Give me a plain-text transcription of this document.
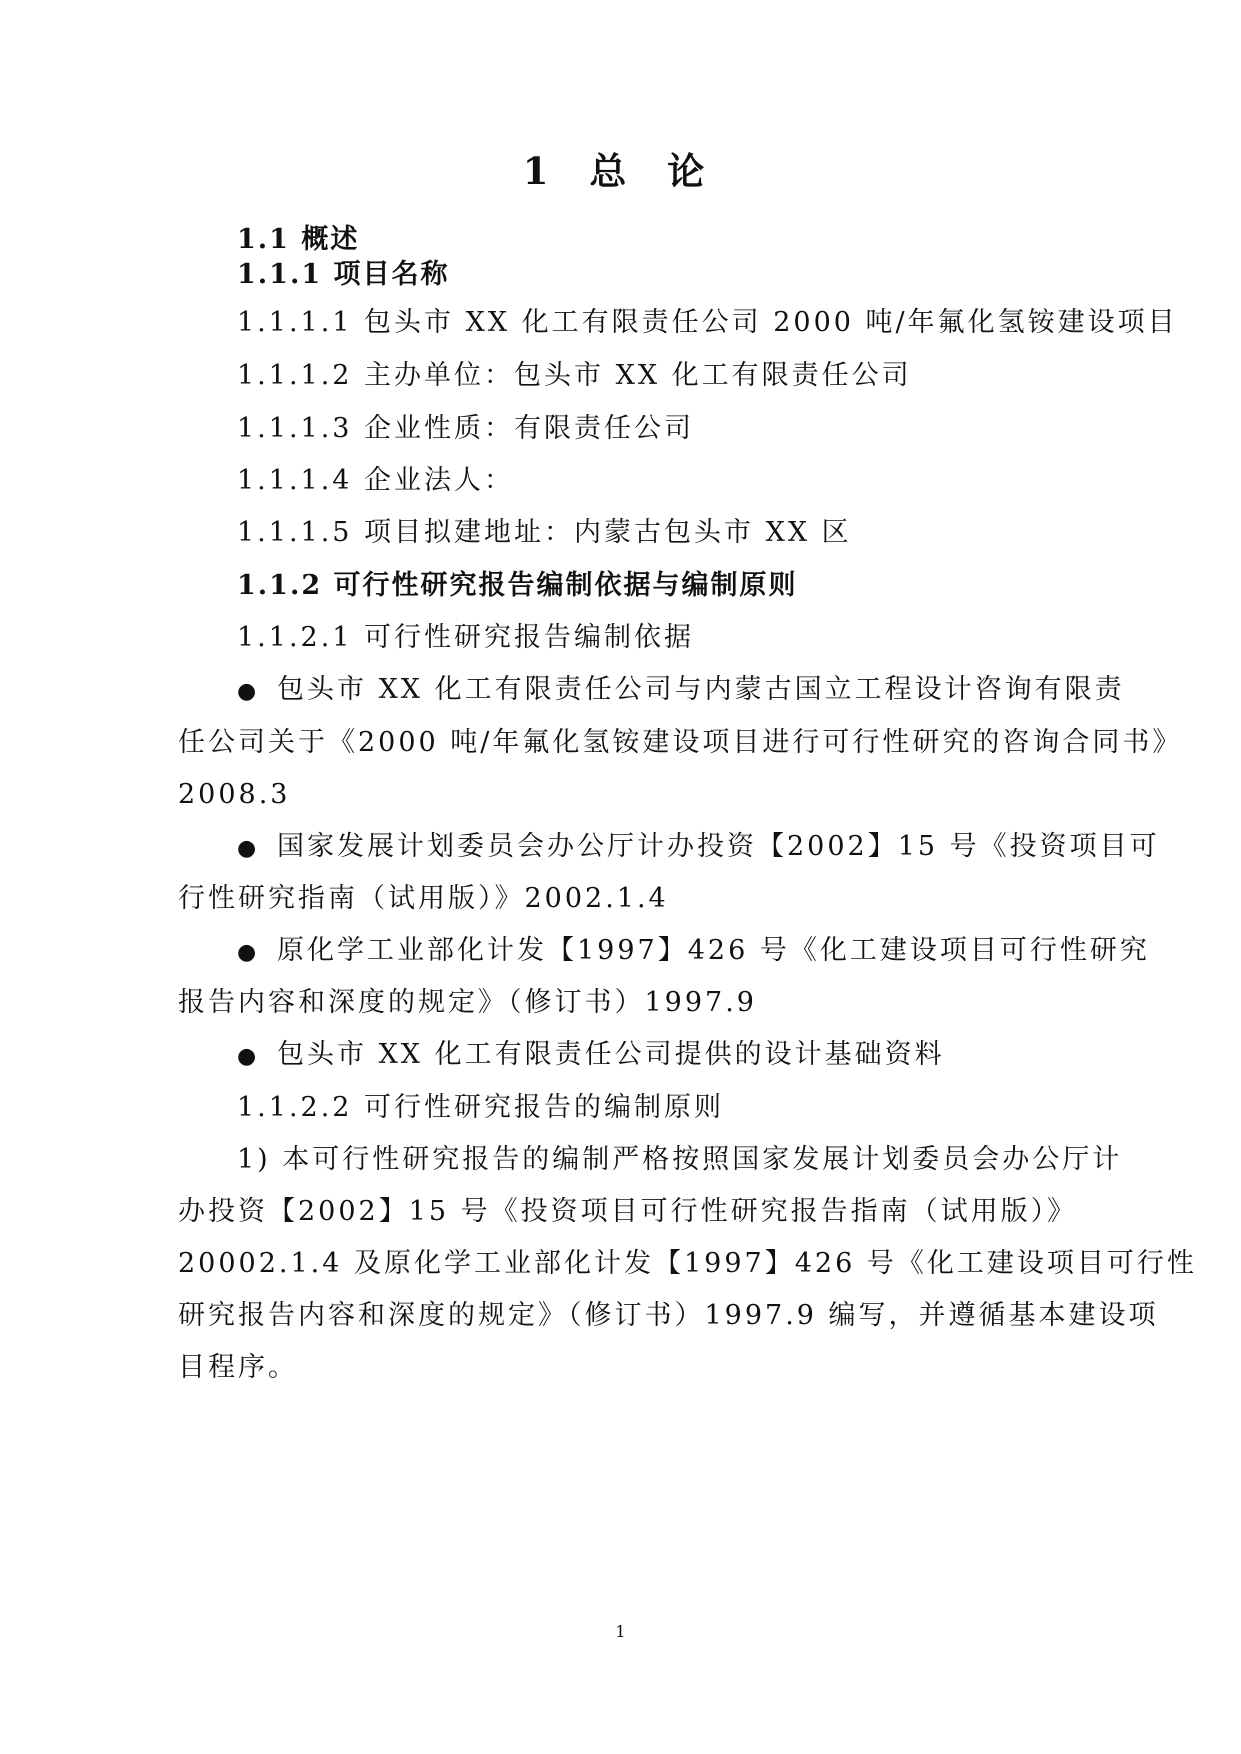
1 总 论
1.1 概述
1.1.1 项目名称
1.1.1.1 包头市 XX 化工有限责任公司 2000 吨/年氟化氢铵建设项目
1.1.1.2 主办单位：包头市 XX 化工有限责任公司
1.1.1.3 企业性质：有限责任公司
1.1.1.4 企业法人：
1.1.1.5 项目拟建地址：内蒙古包头市 XX 区
1.1.2 可行性研究报告编制依据与编制原则
1.1.2.1 可行性研究报告编制依据
● 包头市 XX 化工有限责任公司与内蒙古国立工程设计咨询有限责
任公司关于《2000 吨/年氟化氢铵建设项目进行可行性研究的咨询合同书》
2008.3
● 国家发展计划委员会办公厅计办投资【2002】15 号《投资项目可
行性研究指南（试用版）》2002.1.4
● 原化学工业部化计发【1997】426 号《化工建设项目可行性研究
报告内容和深度的规定》（修订书）1997.9
● 包头市 XX 化工有限责任公司提供的设计基础资料
1.1.2.2 可行性研究报告的编制原则
1) 本可行性研究报告的编制严格按照国家发展计划委员会办公厅计
办投资【2002】15 号《投资项目可行性研究报告指南（试用版）》
20002.1.4 及原化学工业部化计发【1997】426 号《化工建设项目可行性
研究报告内容和深度的规定》（修订书）1997.9 编写，并遵循基本建设项
目程序。
1
